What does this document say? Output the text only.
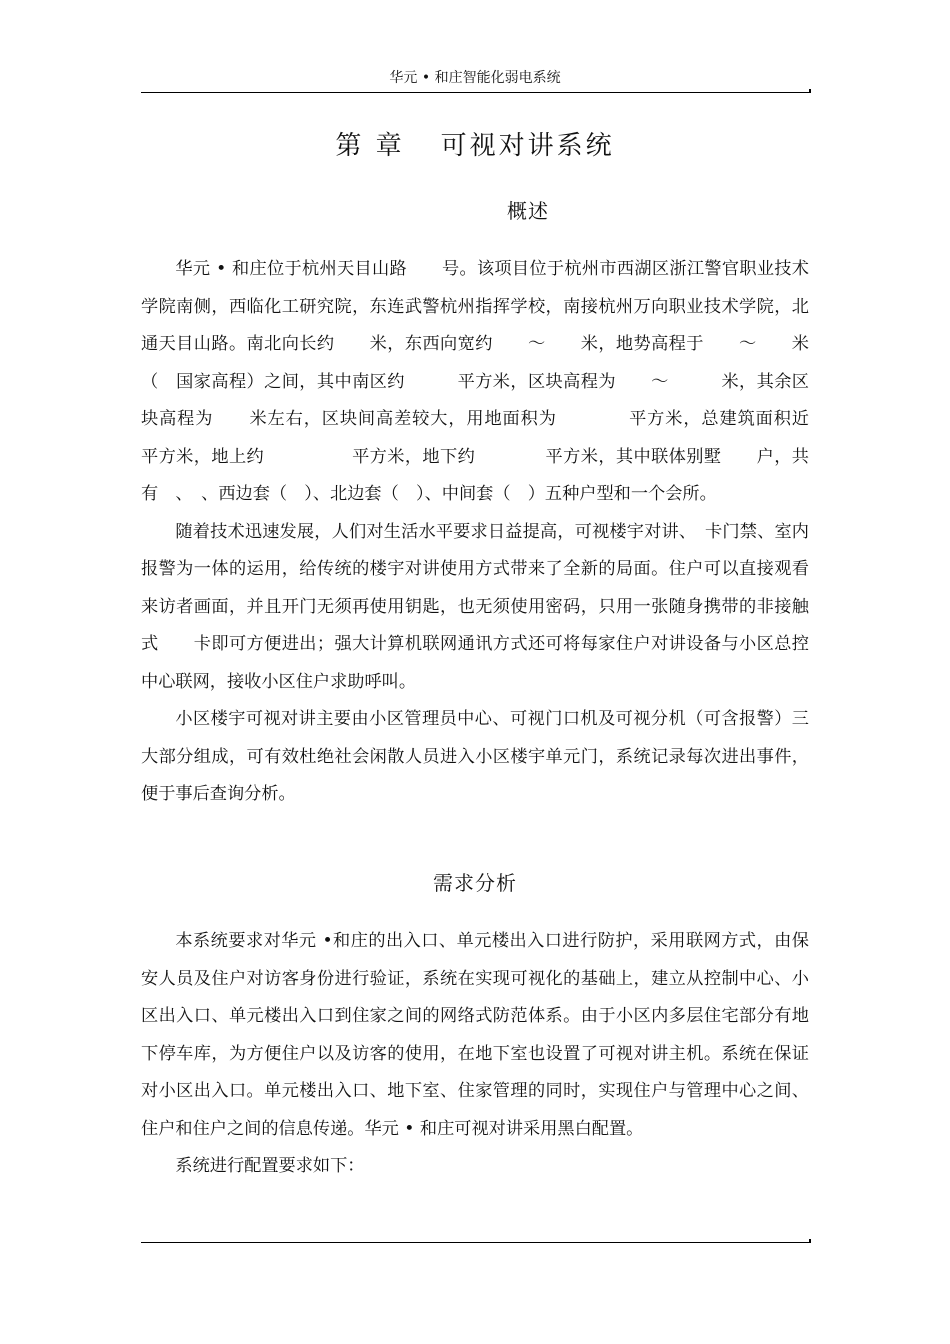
华元 • 和庄智能化弱电系统
第 章 可视对讲系统
概述

华元 • 和庄位于杭州天目山路　　号。该项目位于杭州市西湖区浙江警官职业技术学院南侧，西临化工研究院，东连武警杭州指挥学校，南接杭州万向职业技术学院，北通天目山路。南北向长约　　米，东西向宽约　　～　　米，地势高程于　　～　　米（　国家高程）之间，其中南区约　　　平方米，区块高程为　　～　　　米，其余区块高程为　　米左右，区块间高差较大，用地面积为　　　　平方米，总建筑面积近　　　　平方米，地上约　　　　　平方米，地下约　　　　平方米，其中联体别墅　　户，共有　、　、西边套（　）、北边套（　）、中间套（　）五种户型和一个会所。

随着技术迅速发展，人们对生活水平要求日益提高，可视楼宇对讲、　卡门禁、室内报警为一体的运用，给传统的楼宇对讲使用方式带来了全新的局面。住户可以直接观看来访者画面，并且开门无须再使用钥匙，也无须使用密码，只用一张随身携带的非接触式　　卡即可方便进出；强大计算机联网通讯方式还可将每家住户对讲设备与小区总控中心联网，接收小区住户求助呼叫。

小区楼宇可视对讲主要由小区管理员中心、可视门口机及可视分机（可含报警）三大部分组成，可有效杜绝社会闲散人员进入小区楼宇单元门，系统记录每次进出事件，便于事后查询分析。

需求分析

本系统要求对华元 •和庄的出入口、单元楼出入口进行防护，采用联网方式，由保安人员及住户对访客身份进行验证，系统在实现可视化的基础上，建立从控制中心、小区出入口、单元楼出入口到住家之间的网络式防范体系。由于小区内多层住宅部分有地下停车库，为方便住户以及访客的使用，在地下室也设置了可视对讲主机。系统在保证对小区出入口。单元楼出入口、地下室、住家管理的同时，实现住户与管理中心之间、住户和住户之间的信息传递。华元 • 和庄可视对讲采用黑白配置。

系统进行配置要求如下：
